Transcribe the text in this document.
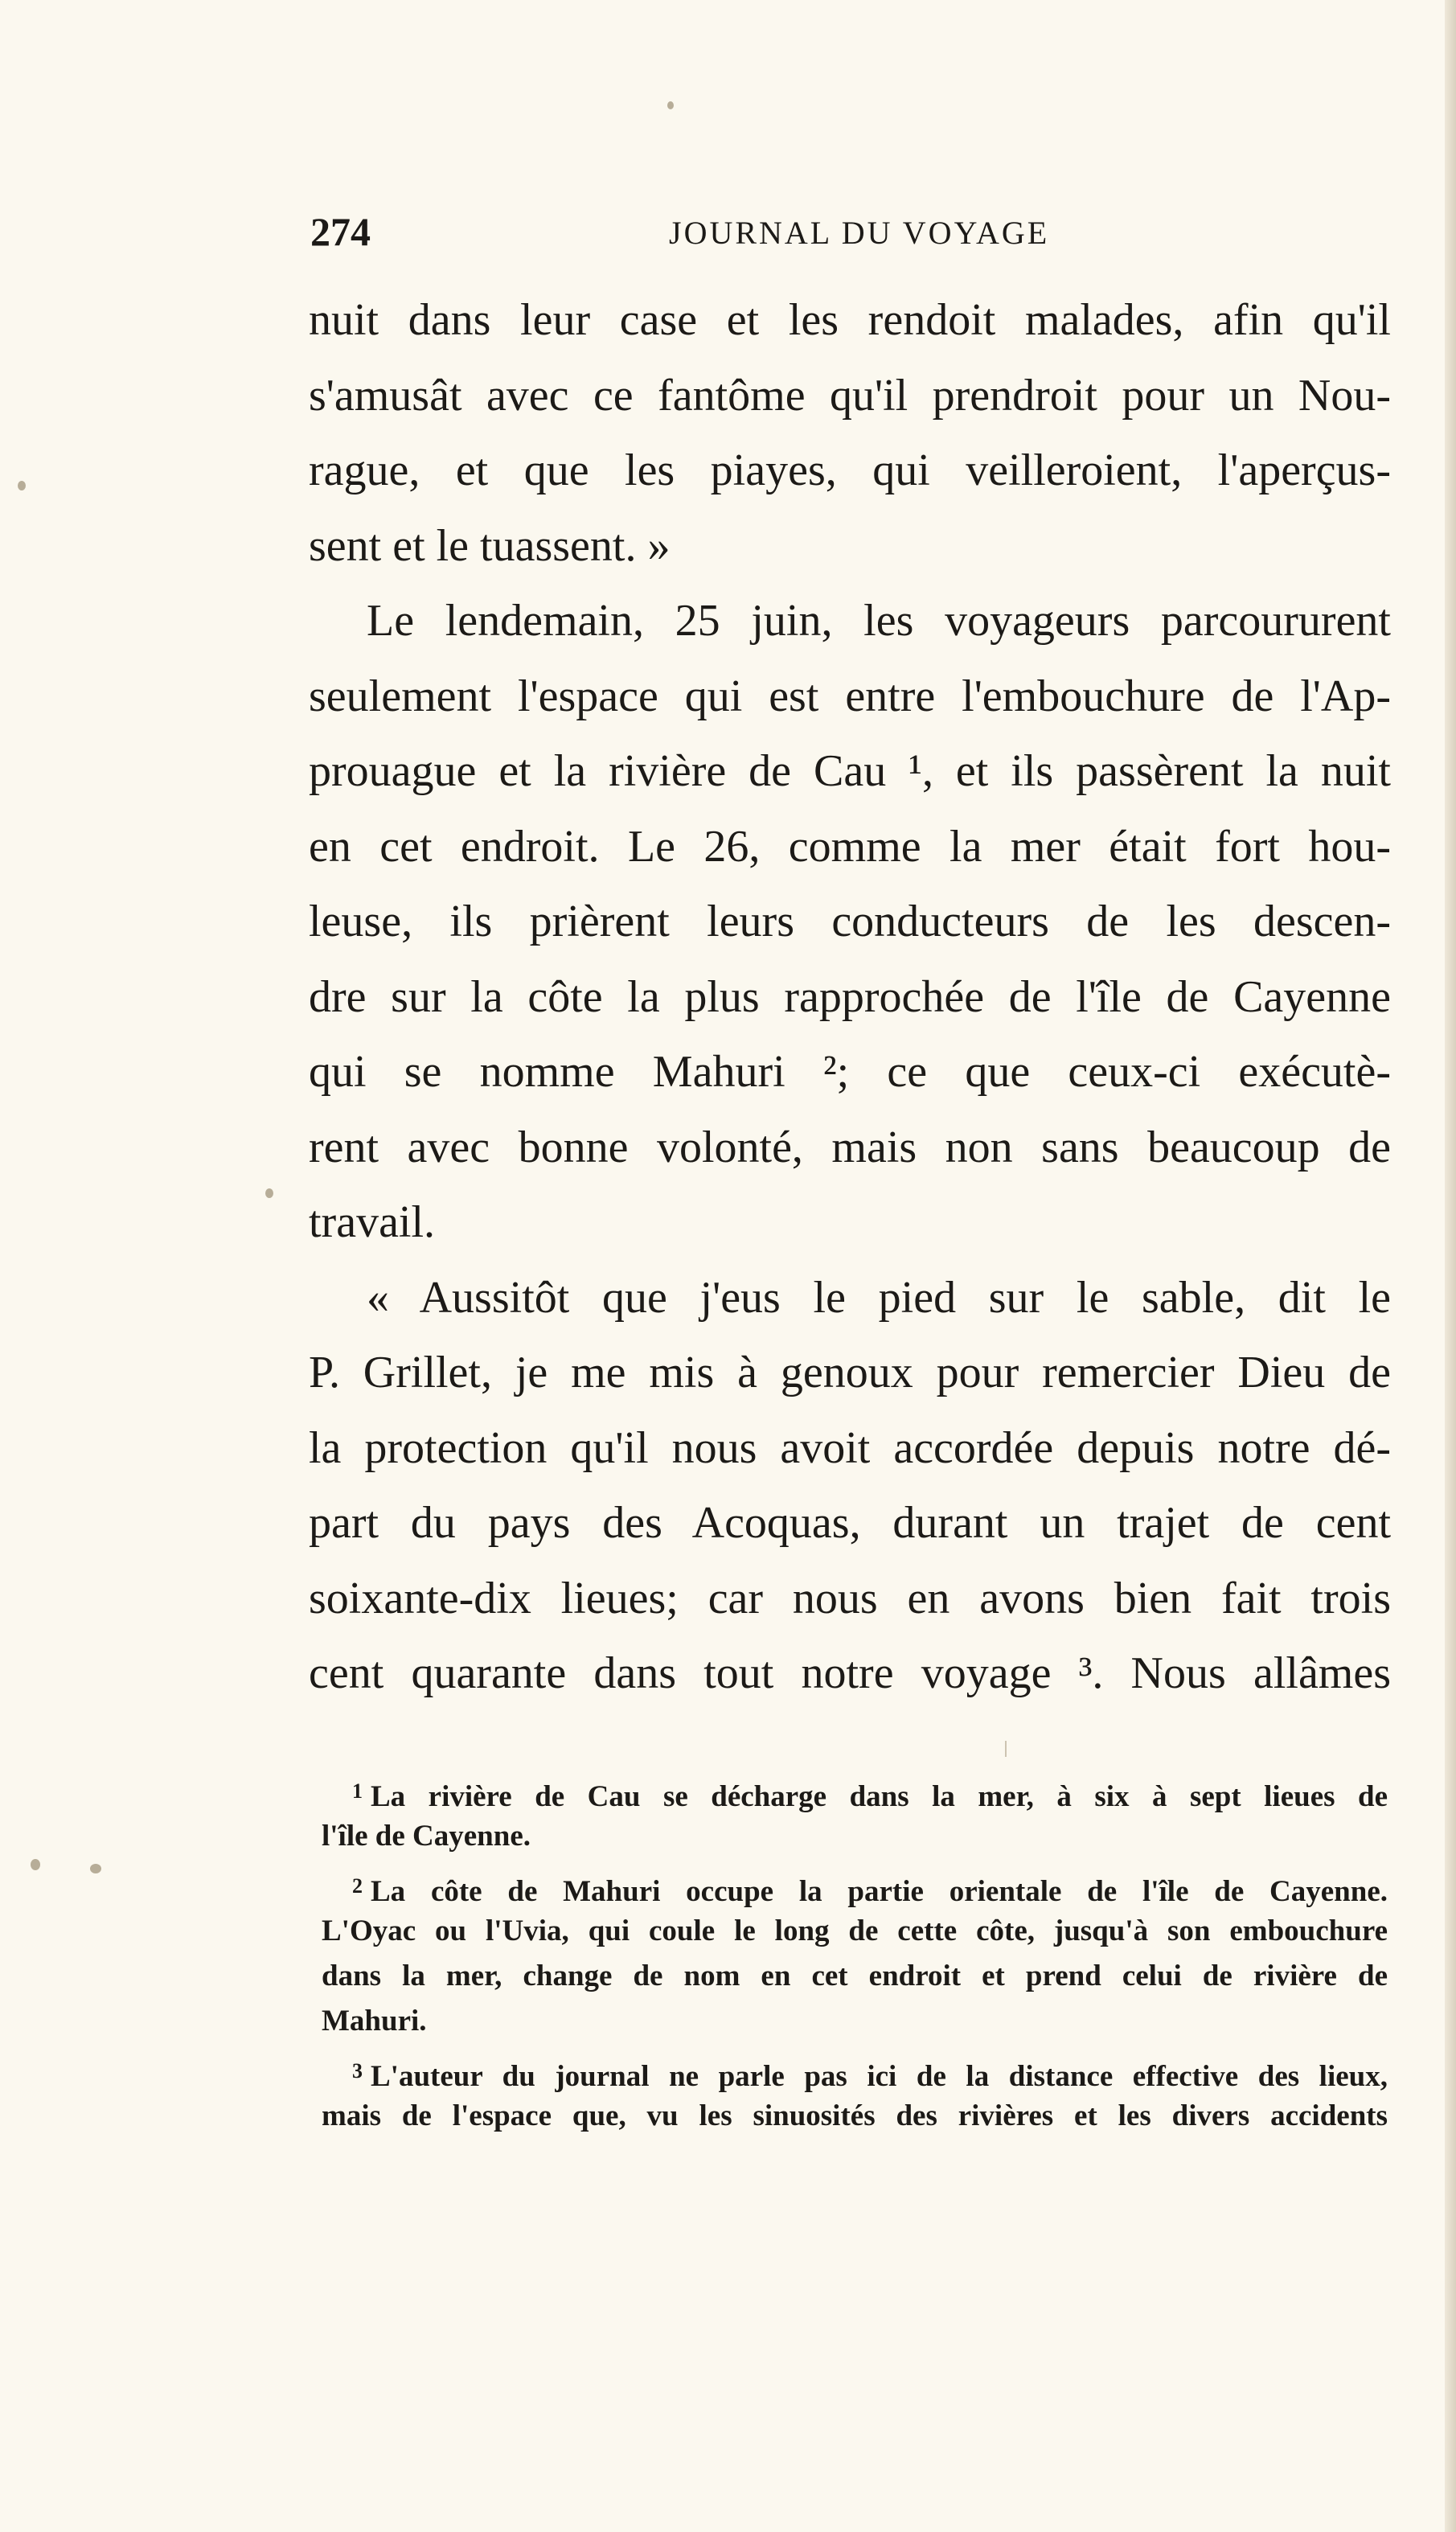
274	JOURNAL DU VOYAGE
nuit dans leur case et les rendoit malades, afin qu'il
s'amusât avec ce fantôme qu'il prendroit pour un Nou-
rague, et que les piayes, qui veilleroient, l'aperçus-
sent et le tuassent. »
Le lendemain, 25 juin, les voyageurs parcoururent
seulement l'espace qui est entre l'embouchure de l'Ap-
prouague et la rivière de Cau ¹, et ils passèrent la nuit
en cet endroit. Le 26, comme la mer était fort hou-
leuse, ils prièrent leurs conducteurs de les descen-
dre sur la côte la plus rapprochée de l'île de Cayenne
qui se nomme Mahuri ²; ce que ceux-ci exécutè-
rent avec bonne volonté, mais non sans beaucoup de
travail.
« Aussitôt que j'eus le pied sur le sable, dit le
P. Grillet, je me mis à genoux pour remercier Dieu de
la protection qu'il nous avoit accordée depuis notre dé-
part du pays des Acoquas, durant un trajet de cent
soixante-dix lieues; car nous en avons bien fait trois
cent quarante dans tout notre voyage ³. Nous allâmes
$^1$ La rivière de Cau se décharge dans la mer, à six à sept lieues de
l'île de Cayenne.
$^2$ La côte de Mahuri occupe la partie orientale de l'île de Cayenne.
L'Oyac ou l'Uvia, qui coule le long de cette côte, jusqu'à son embouchure
dans la mer, change de nom en cet endroit et prend celui de rivière de
Mahuri.
$^3$ L'auteur du journal ne parle pas ici de la distance effective des lieux,
mais de l'espace que, vu les sinuosités des rivières et les divers accidents
